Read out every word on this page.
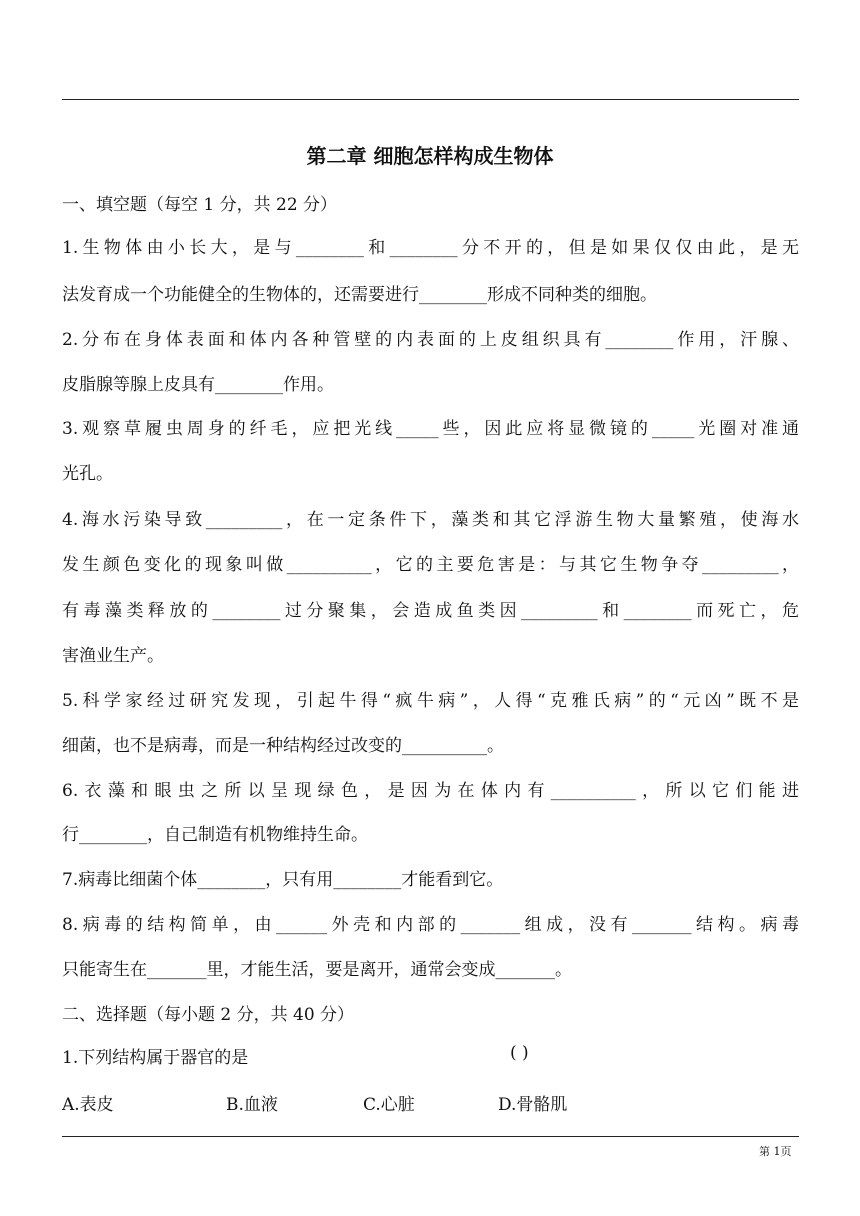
第二章 细胞怎样构成生物体
一、填空题（每空 1 分，共 22 分）
1.生物体由小长大，是与________和________分不开的，但是如果仅仅由此，是无
法发育成一个功能健全的生物体的，还需要进行________形成不同种类的细胞。
2.分布在身体表面和体内各种管壁的内表面的上皮组织具有________作用，汗腺、
皮脂腺等腺上皮具有________作用。
3.观察草履虫周身的纤毛，应把光线_____些，因此应将显微镜的_____光圈对准通
光孔。
4.海水污染导致_________，在一定条件下，藻类和其它浮游生物大量繁殖，使海水
发生颜色变化的现象叫做__________，它的主要危害是：与其它生物争夺_________，
有毒藻类释放的________过分聚集，会造成鱼类因_________和________而死亡，危
害渔业生产。
5.科学家经过研究发现，引起牛得“疯牛病”，人得“克雅氏病”的“元凶”既不是
细菌，也不是病毒，而是一种结构经过改变的__________。
6.衣藻和眼虫之所以呈现绿色，是因为在体内有__________，所以它们能进
行________，自己制造有机物维持生命。
7.病毒比细菌个体________，只有用________才能看到它。
8.病毒的结构简单，由______外壳和内部的_______组成，没有_______结构。病毒
只能寄生在_______里，才能生活，要是离开，通常会变成_______。
二、选择题（每小题 2 分，共 40 分）
1.下列结构属于器官的是	( )
A.表皮	B.血液	C.心脏	D.骨骼肌
第 1页
